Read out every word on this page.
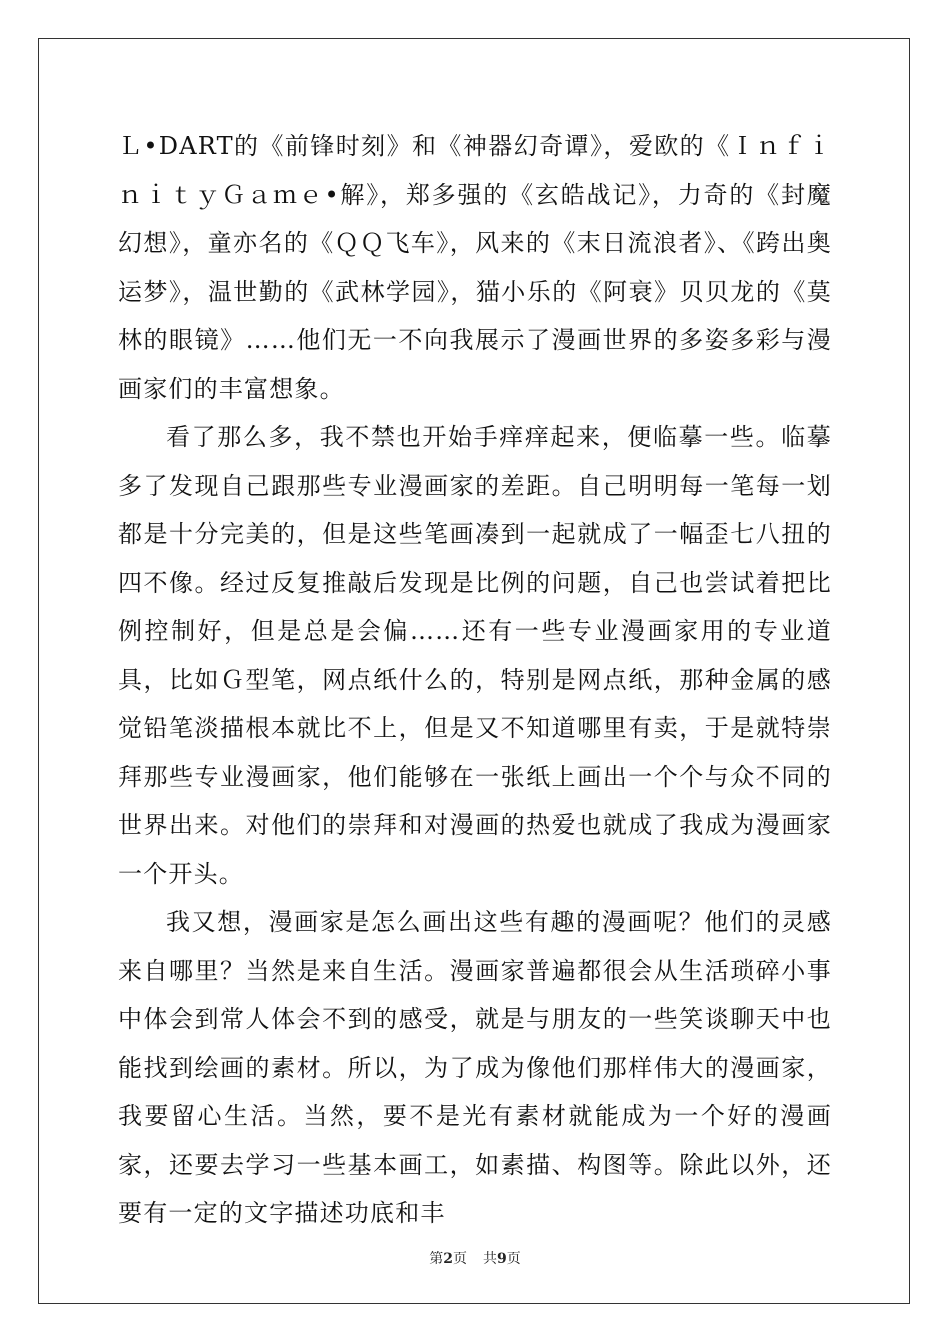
Ｌ•DART的《前锋时刻》和《神器幻奇谭》，爱欧的《ＩｎｆｉｎｉｔｙＧａｍｅ•解》，郑多强的《玄皓战记》，力奇的《封魔幻想》，童亦名的《ＱＱ飞车》，风来的《末日流浪者》、《跨出奥运梦》，温世勤的《武林学园》，猫小乐的《阿衰》贝贝龙的《莫林的眼镜》……他们无一不向我展示了漫画世界的多姿多彩与漫画家们的丰富想象。

看了那么多，我不禁也开始手痒痒起来，便临摹一些。临摹多了发现自己跟那些专业漫画家的差距。自己明明每一笔每一划都是十分完美的，但是这些笔画凑到一起就成了一幅歪七八扭的四不像。经过反复推敲后发现是比例的问题，自己也尝试着把比例控制好，但是总是会偏……还有一些专业漫画家用的专业道具，比如Ｇ型笔，网点纸什么的，特别是网点纸，那种金属的感觉铅笔淡描根本就比不上，但是又不知道哪里有卖，于是就特崇拜那些专业漫画家，他们能够在一张纸上画出一个个与众不同的世界出来。对他们的崇拜和对漫画的热爱也就成了我成为漫画家一个开头。

我又想，漫画家是怎么画出这些有趣的漫画呢？他们的灵感来自哪里？当然是来自生活。漫画家普遍都很会从生活琐碎小事中体会到常人体会不到的感受，就是与朋友的一些笑谈聊天中也能找到绘画的素材。所以，为了成为像他们那样伟大的漫画家，我要留心生活。当然，要不是光有素材就能成为一个好的漫画家，还要去学习一些基本画工，如素描、构图等。除此以外，还要有一定的文字描述功底和丰

第2页 共9页
